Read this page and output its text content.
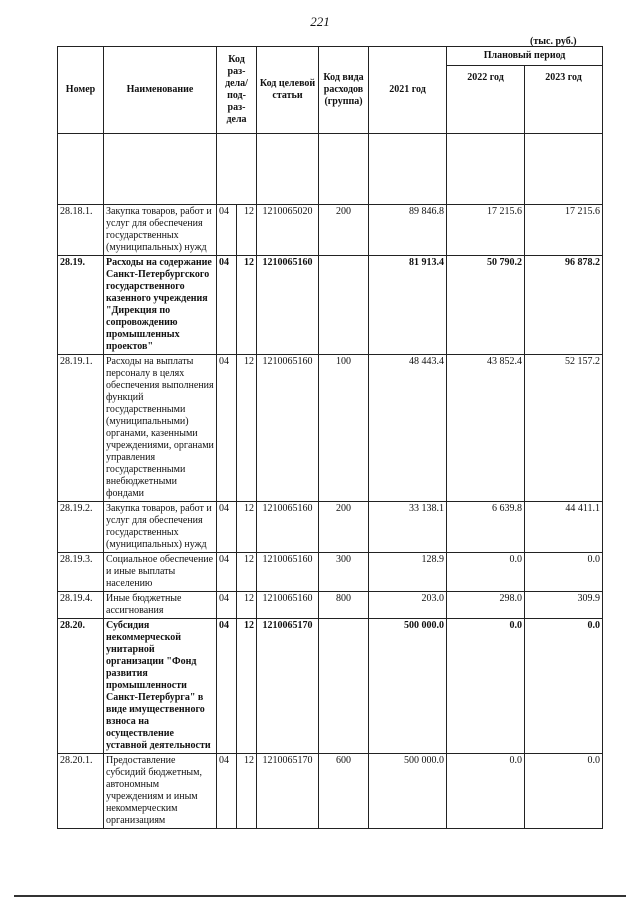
221
(тыс. руб.)
Номер	Наименование	Код раз-дела/ под-раз-дела		Код целевой статьи	Код вида расходов (группа)	2021 год	Плановый период	
							2022 год	2023 год

28.18.1.	Закупка товаров, работ и услуг для обеспечения государственных (муниципальных) нужд	04	12	1210065020	200	89 846.8	17 215.6	17 215.6
28.19.	Расходы на содержание Санкт-Петербургского государственного казенного учреждения "Дирекция по сопровождению промышленных проектов"	04	12	1210065160		81 913.4	50 790.2	96 878.2
28.19.1.	Расходы на выплаты персоналу в целях обеспечения выполнения функций государственными (муниципальными) органами, казенными учреждениями, органами управления государственными внебюджетными фондами	04	12	1210065160	100	48 443.4	43 852.4	52 157.2
28.19.2.	Закупка товаров, работ и услуг для обеспечения государственных (муниципальных) нужд	04	12	1210065160	200	33 138.1	6 639.8	44 411.1
28.19.3.	Социальное обеспечение и иные выплаты населению	04	12	1210065160	300	128.9	0.0	0.0
28.19.4.	Иные бюджетные ассигнования	04	12	1210065160	800	203.0	298.0	309.9
28.20.	Субсидия некоммерческой унитарной организации "Фонд развития промышленности Санкт-Петербурга" в виде имущественного взноса на осуществление уставной деятельности	04	12	1210065170		500 000.0	0.0	0.0
28.20.1.	Предоставление субсидий бюджетным, автономным учреждениям и иным некоммерческим организациям	04	12	1210065170	600	500 000.0	0.0	0.0
